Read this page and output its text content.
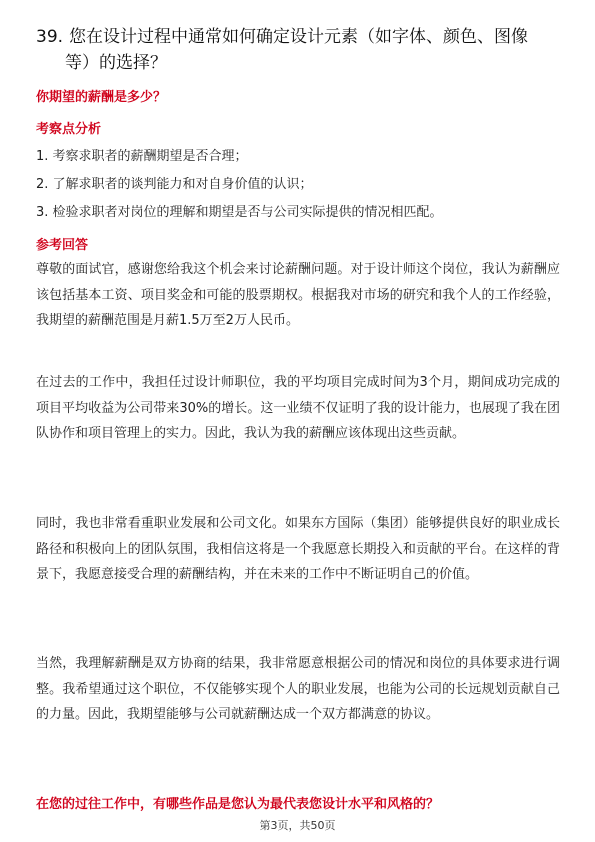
39. 您在设计过程中通常如何确定设计元素（如字体、颜色、图像
等）的选择？

你期望的薪酬是多少？

考察点分析

1. 考察求职者的薪酬期望是否合理；

2. 了解求职者的谈判能力和对自身价值的认识；

3. 检验求职者对岗位的理解和期望是否与公司实际提供的情况相匹配。

参考回答

尊敬的面试官，感谢您给我这个机会来讨论薪酬问题。对于设计师这个岗位，我认为薪酬应该包括基本工资、项目奖金和可能的股票期权。根据我对市场的研究和我个人的工作经验，我期望的薪酬范围是月薪1.5万至2万人民币。

在过去的工作中，我担任过设计师职位，我的平均项目完成时间为3个月，期间成功完成的项目平均收益为公司带来30%的增长。这一业绩不仅证明了我的设计能力，也展现了我在团队协作和项目管理上的实力。因此，我认为我的薪酬应该体现出这些贡献。

同时，我也非常看重职业发展和公司文化。如果东方国际（集团）能够提供良好的职业成长路径和积极向上的团队氛围，我相信这将是一个我愿意长期投入和贡献的平台。在这样的背景下，我愿意接受合理的薪酬结构，并在未来的工作中不断证明自己的价值。

当然，我理解薪酬是双方协商的结果，我非常愿意根据公司的情况和岗位的具体要求进行调整。我希望通过这个职位，不仅能够实现个人的职业发展，也能为公司的长远规划贡献自己的力量。因此，我期望能够与公司就薪酬达成一个双方都满意的协议。

在您的过往工作中，有哪些作品是您认为最代表您设计水平和风格的？

第3页，共50页
